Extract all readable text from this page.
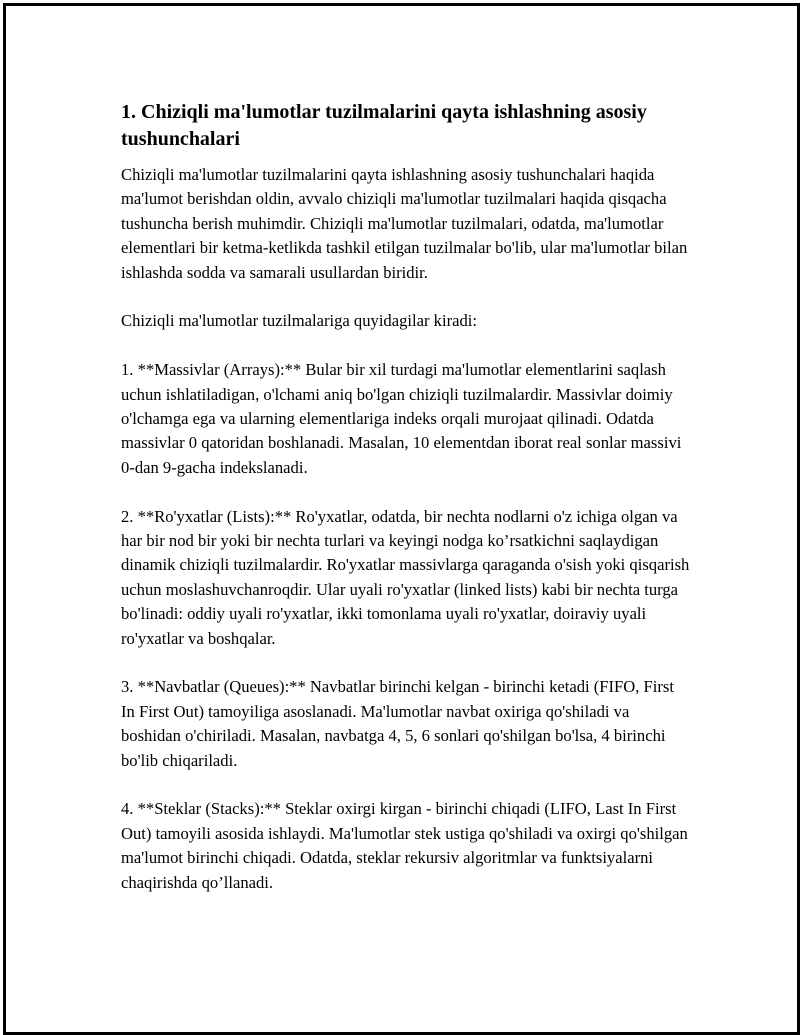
1. Chiziqli ma'lumotlar tuzilmalarini qayta ishlashning asosiy tushunchalari

Chiziqli ma'lumotlar tuzilmalarini qayta ishlashning asosiy tushunchalari haqida ma'lumot berishdan oldin, avvalo chiziqli ma'lumotlar tuzilmalari haqida qisqacha tushuncha berish muhimdir. Chiziqli ma'lumotlar tuzilmalari, odatda, ma'lumotlar elementlari bir ketma-ketlikda tashkil etilgan tuzilmalar bo'lib, ular ma'lumotlar bilan ishlashda sodda va samarali usullardan biridir.

Chiziqli ma'lumotlar tuzilmalariga quyidagilar kiradi:

1. **Massivlar (Arrays):** Bular bir xil turdagi ma'lumotlar elementlarini saqlash uchun ishlatiladigan, o'lchami aniq bo'lgan chiziqli tuzilmalardir. Massivlar doimiy o'lchamga ega va ularning elementlariga indeks orqali murojaat qilinadi. Odatda massivlar 0 qatoridan boshlanadi. Masalan, 10 elementdan iborat real sonlar massivi 0-dan 9-gacha indekslanadi.

2. **Ro'yxatlar (Lists):** Ro'yxatlar, odatda, bir nechta nodlarni o'z ichiga olgan va har bir nod bir yoki bir nechta turlari va keyingi nodga ko’rsatkichni saqlaydigan dinamik chiziqli tuzilmalardir. Ro'yxatlar massivlarga qaraganda o'sish yoki qisqarish uchun moslashuvchanroqdir. Ular uyali ro'yxatlar (linked lists) kabi bir nechta turga bo'linadi: oddiy uyali ro'yxatlar, ikki tomonlama uyali ro'yxatlar, doiraviy uyali ro'yxatlar va boshqalar.

3. **Navbatlar (Queues):** Navbatlar birinchi kelgan - birinchi ketadi (FIFO, First In First Out) tamoyiliga asoslanadi. Ma'lumotlar navbat oxiriga qo'shiladi va boshidan o'chiriladi. Masalan, navbatga 4, 5, 6 sonlari qo'shilgan bo'lsa, 4 birinchi bo'lib chiqariladi.

4. **Steklar (Stacks):** Steklar oxirgi kirgan - birinchi chiqadi (LIFO, Last In First Out) tamoyili asosida ishlaydi. Ma'lumotlar stek ustiga qo'shiladi va oxirgi qo'shilgan ma'lumot birinchi chiqadi. Odatda, steklar rekursiv algoritmlar va funktsiyalarni chaqirishda qo’llanadi.
